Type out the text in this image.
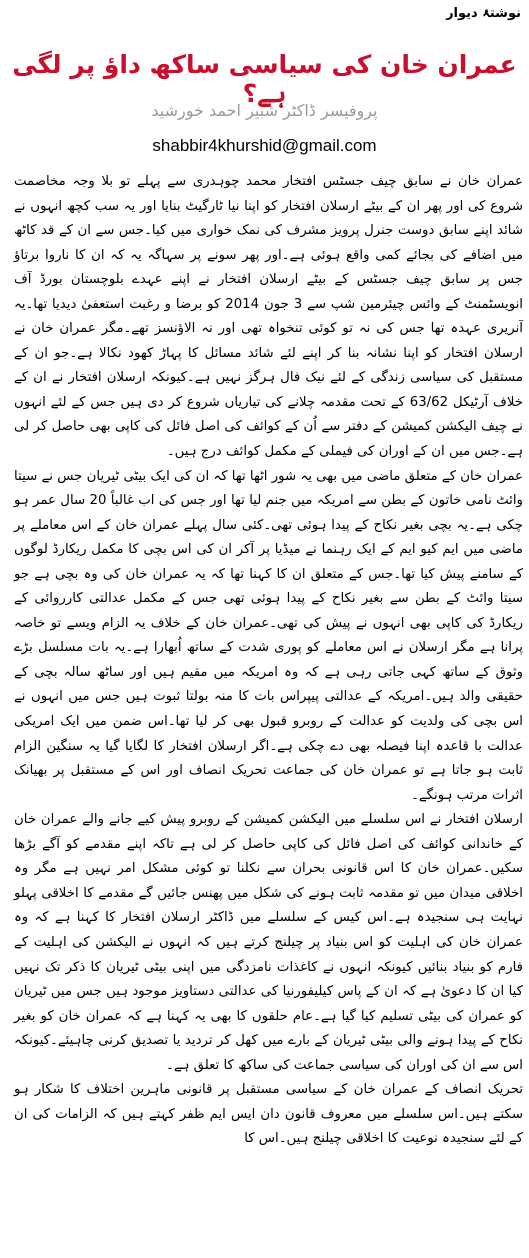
نوشتۂ دیوار
عمران خان کی سیاسی ساکھ داؤ پر لگی ہے؟
پروفیسر ڈاکٹر شبیر احمد خورشید
shabbir4khurshid@gmail.com

عمران خان نے سابق چیف جسٹس افتخار محمد چوہدری سے پہلے تو بلا وجہ مخاصمت شروع کی اور پھر ان کے بیٹے ارسلان افتخار کو اپنا نیا ٹارگیٹ بنایا اور یہ سب کچھ انہوں نے شائد اپنے سابق دوست جنرل پرویز مشرف کی نمک خواری میں کیا۔جس سے ان کے قد کاٹھ میں اضافے کی بجائے کمی واقع ہوئی ہے۔اور پھر سونے پر سہاگہ یہ کہ ان کا ناروا برتاؤ جس پر سابق چیف جسٹس کے بیٹے ارسلان افتخار نے اپنے عہدے بلوچستان بورڈ آف انویسٹمنٹ کے وائس چیئرمین شپ سے 3 جون 2014 کو برضا و رغبت استعفیٰ دیدیا تھا۔یہ آنریری عہدہ تھا جس کی نہ تو کوئی تنخواہ تھی اور نہ الاؤنسز تھے۔مگر عمران خان نے ارسلان افتخار کو اپنا نشانہ بنا کر اپنے لئے شائد مسائل کا پہاڑ کھود نکالا ہے۔جو ان کے مستقبل کی سیاسی زندگی کے لئے نیک فال ہرگز نہیں ہے۔کیونکہ ارسلان افتخار نے ان کے خلاف آرٹیکل 63/62 کے تحت مقدمہ چلانے کی تیاریاں شروع کر دی ہیں جس کے لئے انہوں نے چیف الیکشن کمیشن کے دفتر سے اُن کے کوائف کی اصل فائل کی کاپی بھی حاصل کر لی ہے۔جس میں ان کے اوران کی فیملی کے مکمل کوائف درج ہیں۔

عمران خان کے متعلق ماضی میں بھی یہ شور اٹھا تھا کہ ان کی ایک بیٹی ٹیریان جس نے سیتا وائٹ نامی خاتون کے بطن سے امریکہ میں جنم لیا تھا اور جس کی اب غالباً 20 سال عمر ہو چکی ہے۔یہ بچی بغیر نکاح کے پیدا ہوئی تھی۔کئی سال پہلے عمران خان کے اس معاملے پر ماضی میں ایم کیو ایم کے ایک رہنما نے میڈیا پر آکر ان کی اس بچی کا مکمل ریکارڈ لوگوں کے سامنے پیش کیا تھا۔جس کے متعلق ان کا کہنا تھا کہ یہ عمران خان کی وہ بچی ہے جو سیتا وائٹ کے بطن سے بغیر نکاح کے پیدا ہوئی تھی جس کے مکمل عدالتی کارروائی کے ریکارڈ کی کاپی بھی انہوں نے پیش کی تھی۔عمران خان کے خلاف یہ الزام ویسے تو خاصہ پرانا ہے مگر ارسلان نے اس معاملے کو پوری شدت کے ساتھ اُبھارا ہے۔یہ بات مسلسل بڑے وثوق کے ساتھ کہی جاتی رہی ہے کہ وہ امریکہ میں مقیم ہیں اور ساٹھ سالہ بچی کے حقیقی والد ہیں۔امریکہ کے عدالتی پیپراس بات کا منہ بولتا ثبوت ہیں جس میں انہوں نے اس بچی کی ولدیت کو عدالت کے روبرو قبول بھی کر لیا تھا۔اس ضمن میں ایک امریکی عدالت با قاعدہ اپنا فیصلہ بھی دے چکی ہے۔اگر ارسلان افتخار کا لگایا گیا یہ سنگین الزام ثابت ہو جاتا ہے تو عمران خان کی جماعت تحریک انصاف اور اس کے مستقبل پر بھیانک اثرات مرتب ہونگے۔

ارسلان افتخار نے اس سلسلے میں الیکشن کمیشن کے روبرو پیش کیے جانے والے عمران خان کے خاندانی کوائف کی اصل فائل کی کاپی حاصل کر لی ہے تاکہ اپنے مقدمے کو آگے بڑھا سکیں۔عمران خان کا اس قانونی بحران سے نکلنا تو کوئی مشکل امر نہیں ہے مگر وہ اخلاقی میدان میں تو مقدمہ ثابت ہونے کی شکل میں پھنس جائیں گے مقدمے کا اخلاقی پہلو نہایت ہی سنجیدہ ہے۔اس کیس کے سلسلے میں ڈاکٹر ارسلان افتخار کا کہنا ہے کہ وہ عمران خان کی اہلیت کو اس بنیاد پر چیلنج کرتے ہیں کہ انہوں نے الیکشن کی اہلیت کے فارم کو بنیاد بنائیں کیونکہ انہوں نے کاغذات نامزدگی میں اپنی بیٹی ٹیریان کا ذکر تک نہیں کیا ان کا دعویٰ ہے کہ ان کے پاس کیلیفورنیا کی عدالتی دستاویز موجود ہیں جس میں ٹیریان کو عمران کی بیٹی تسلیم کیا گیا ہے۔عام حلقوں کا بھی یہ کہنا ہے کہ عمران خان کو بغیر نکاح کے پیدا ہونے والی بیٹی ٹیریان کے بارے میں کھل کر تردید یا تصدیق کرنی چاہیئے۔کیونکہ اس سے ان کی اوران کی سیاسی جماعت کی ساکھ کا تعلق ہے۔

تحریک انصاف کے عمران خان کے سیاسی مستقبل پر قانونی ماہرین اختلاف کا شکار ہو سکتے ہیں۔اس سلسلے میں معروف قانون دان ایس ایم ظفر کہتے ہیں کہ الزامات کی ان کے لئے سنجیدہ نوعیت کا اخلاقی چیلنج ہیں۔اس کا
